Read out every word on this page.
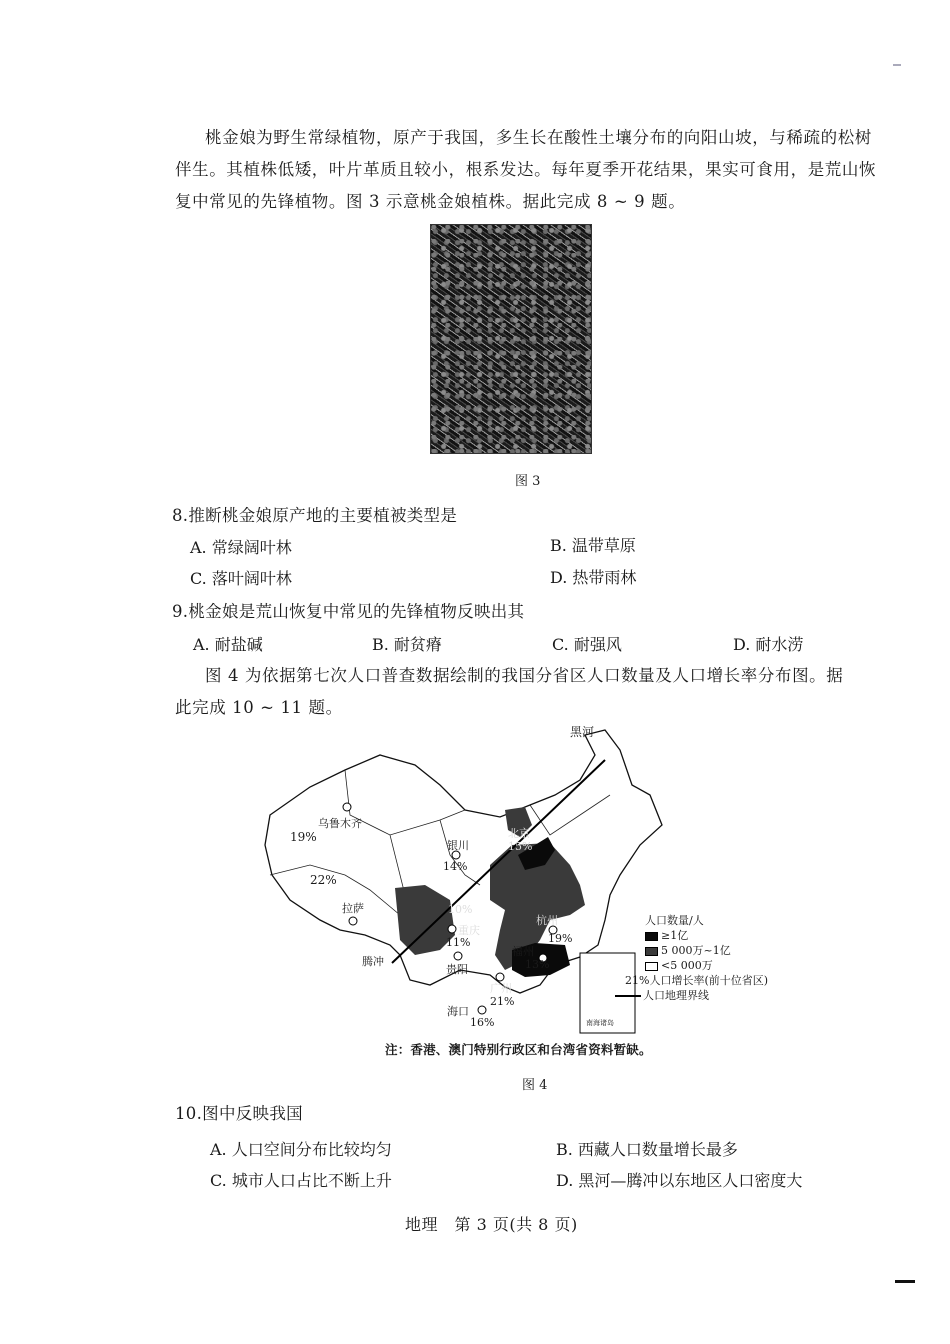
桃金娘为野生常绿植物，原产于我国，多生长在酸性土壤分布的向阳山坡，与稀疏的松树
伴生。其植株低矮，叶片革质且较小，根系发达。每年夏季开花结果，果实可食用，是荒山恢
复中常见的先锋植物。图 3 示意桃金娘植株。据此完成 8 ~ 9 题。
图 3
8.推断桃金娘原产地的主要植被类型是
A. 常绿阔叶林	B. 温带草原
C. 落叶阔叶林	D. 热带雨林
9.桃金娘是荒山恢复中常见的先锋植物反映出其
A. 耐盐碱	B. 耐贫瘠	C. 耐强风	D. 耐水涝
图 4 为依据第七次人口普查数据绘制的我国分省区人口数量及人口增长率分布图。据
此完成 10 ~ 11 题。
黑河
乌鲁木齐
19%
22%
拉萨
银川
14%
北京
15%
10%
重庆
11%
贵阳
杭州
19%
福州
13%
腾冲
广州
21%
海口
16%	南海诸岛
人口数量/人
≥1亿
5 000万~1亿
<5 000万
21%人口增长率(前十位省区)
人口地理界线
注：香港、澳门特别行政区和台湾省资料暂缺。
图 4
10.图中反映我国
A. 人口空间分布比较均匀	B. 西藏人口数量增长最多
C. 城市人口占比不断上升	D. 黑河—腾冲以东地区人口密度大
地理　第 3 页(共 8 页)
